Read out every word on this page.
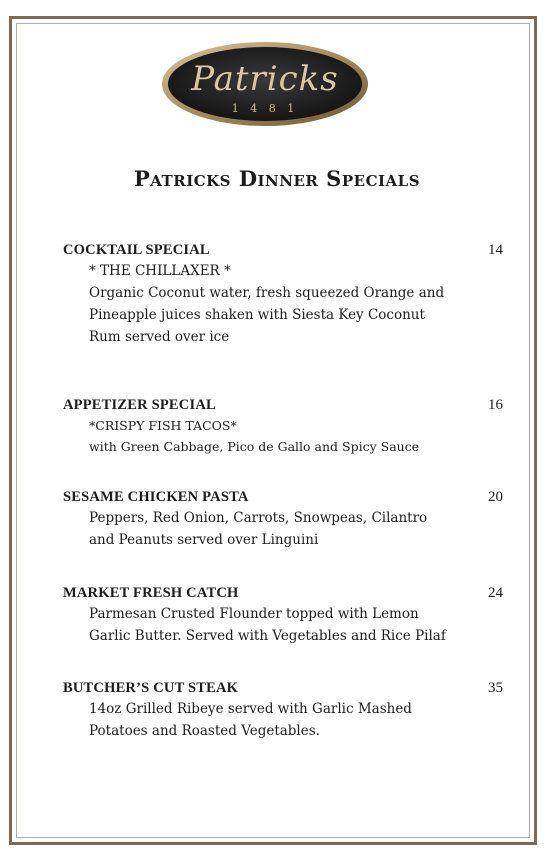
Patricks
1 4 8 1
Patricks Dinner Specials
COCKTAIL SPECIAL	14
* THE CHILLAXER *
Organic Coconut water, fresh squeezed Orange and
Pineapple juices shaken with Siesta Key Coconut
Rum served over ice
APPETIZER SPECIAL	16
*CRISPY FISH TACOS*
with Green Cabbage, Pico de Gallo and Spicy Sauce
SESAME CHICKEN PASTA	20
Peppers, Red Onion, Carrots, Snowpeas, Cilantro
and Peanuts served over Linguini
MARKET FRESH CATCH	24
Parmesan Crusted Flounder topped with Lemon
Garlic Butter. Served with Vegetables and Rice Pilaf
BUTCHER’S CUT STEAK	35
14oz Grilled Ribeye served with Garlic Mashed
Potatoes and Roasted Vegetables.
